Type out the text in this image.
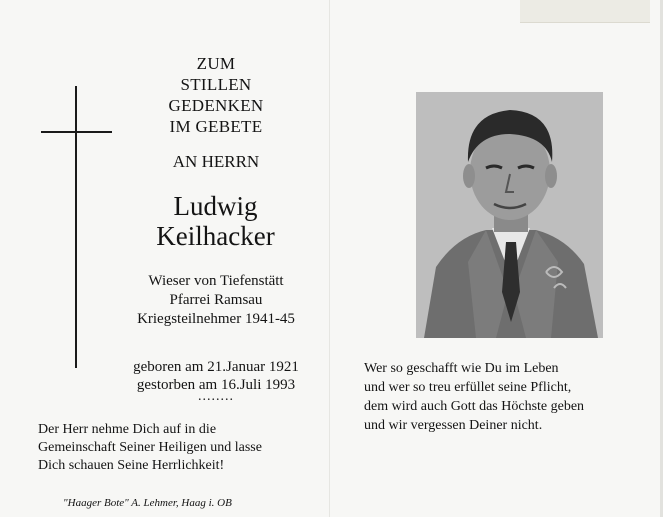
ZUM
STILLEN
GEDENKEN
IM GEBETE
AN HERRN
Ludwig
Keilhacker
Wieser von Tiefenstätt
Pfarrei Ramsau
Kriegsteilnehmer 1941-45
geboren am 21.Januar 1921
gestorben am 16.Juli 1993
........
Der Herr nehme Dich auf in die
Gemeinschaft Seiner Heiligen und lasse
Dich schauen Seine Herrlichkeit!
"Haager Bote" A. Lehmer, Haag i. OB
Wer so geschafft wie Du im Leben
und wer so treu erfüllet seine Pflicht,
dem wird auch Gott das Höchste geben
und wir vergessen Deiner nicht.
